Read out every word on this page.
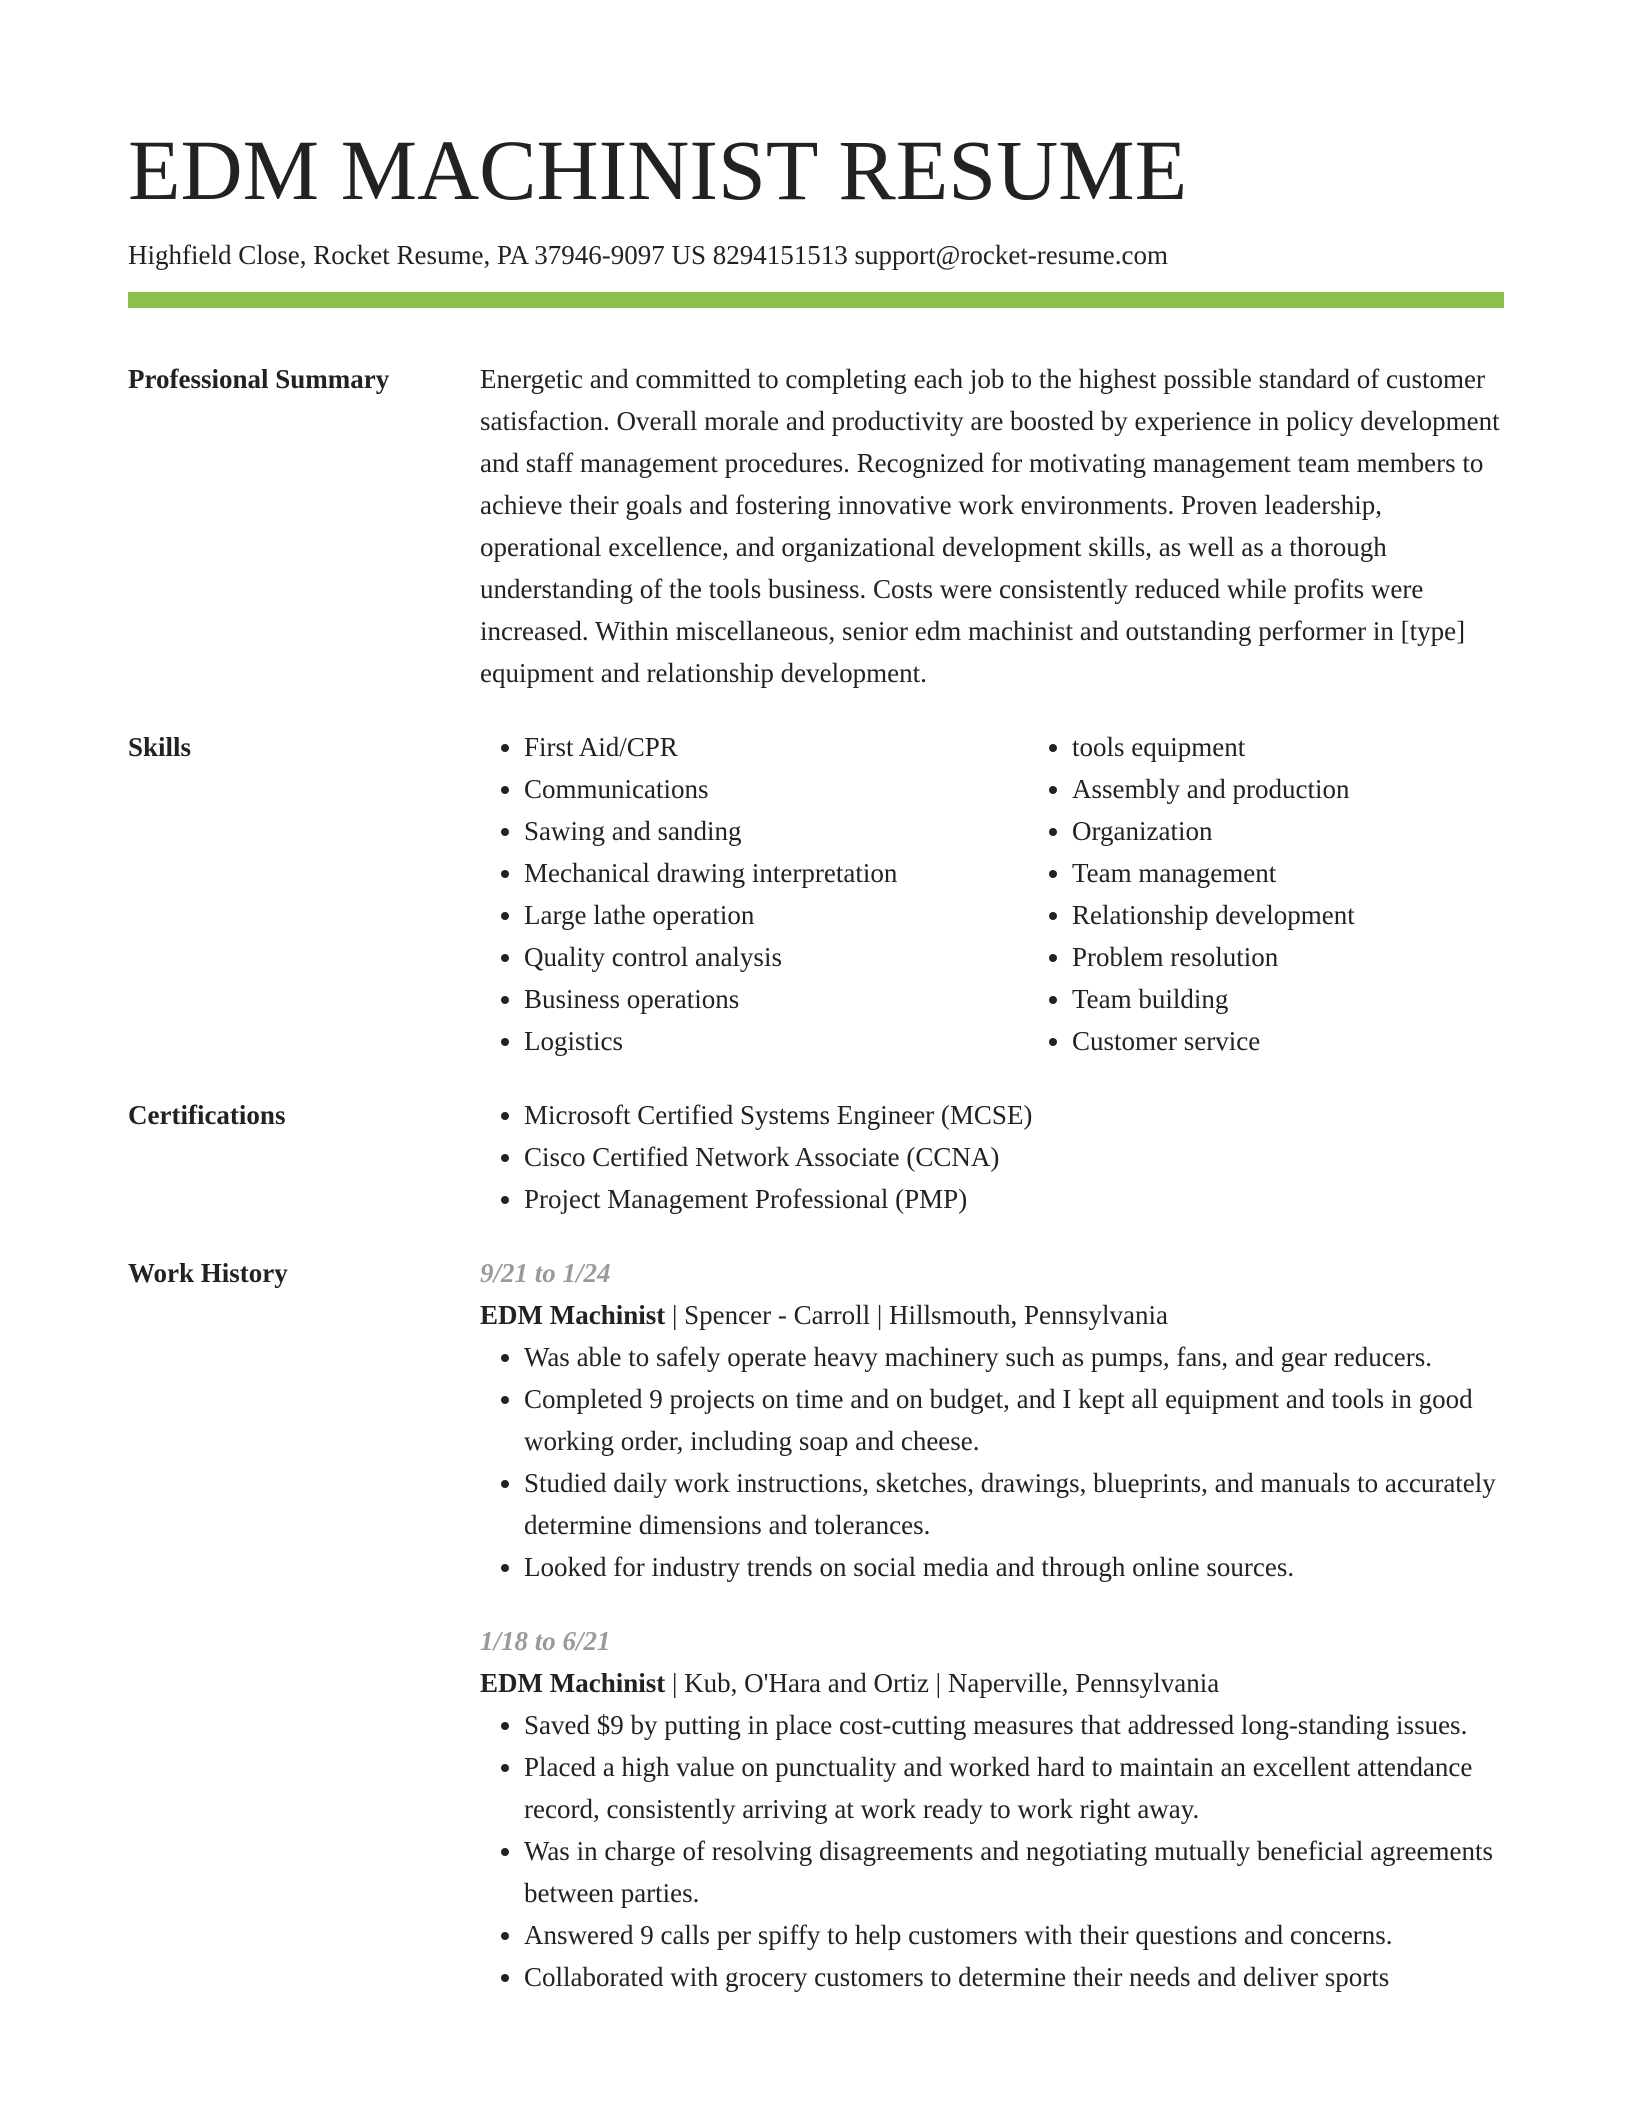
EDM MACHINIST RESUME
Highfield Close, Rocket Resume, PA 37946-9097 US 8294151513 support@rocket-resume.com
Professional Summary	Energetic and committed to completing each job to the highest possible standard of customer satisfaction. Overall morale and productivity are boosted by experience in policy development and staff management procedures. Recognized for motivating management team members to achieve their goals and fostering innovative work environments. Proven leadership, operational excellence, and organizational development skills, as well as a thorough understanding of the tools business. Costs were consistently reduced while profits were increased. Within miscellaneous, senior edm machinist and outstanding performer in [type] equipment and relationship development.
Skills	• First Aid/CPR
• Communications
• Sawing and sanding
• Mechanical drawing interpretation
• Large lathe operation
• Quality control analysis
• Business operations
• Logistics
• tools equipment
• Assembly and production
• Organization
• Team management
• Relationship development
• Problem resolution
• Team building
• Customer service
Certifications	• Microsoft Certified Systems Engineer (MCSE)
• Cisco Certified Network Associate (CCNA)
• Project Management Professional (PMP)
Work History	9/21 to 1/24
EDM Machinist | Spencer - Carroll | Hillsmouth, Pennsylvania
• Was able to safely operate heavy machinery such as pumps, fans, and gear reducers.
• Completed 9 projects on time and on budget, and I kept all equipment and tools in good working order, including soap and cheese.
• Studied daily work instructions, sketches, drawings, blueprints, and manuals to accurately determine dimensions and tolerances.
• Looked for industry trends on social media and through online sources.
1/18 to 6/21
EDM Machinist | Kub, O'Hara and Ortiz | Naperville, Pennsylvania
• Saved $9 by putting in place cost-cutting measures that addressed long-standing issues.
• Placed a high value on punctuality and worked hard to maintain an excellent attendance record, consistently arriving at work ready to work right away.
• Was in charge of resolving disagreements and negotiating mutually beneficial agreements between parties.
• Answered 9 calls per spiffy to help customers with their questions and concerns.
• Collaborated with grocery customers to determine their needs and deliver sports
